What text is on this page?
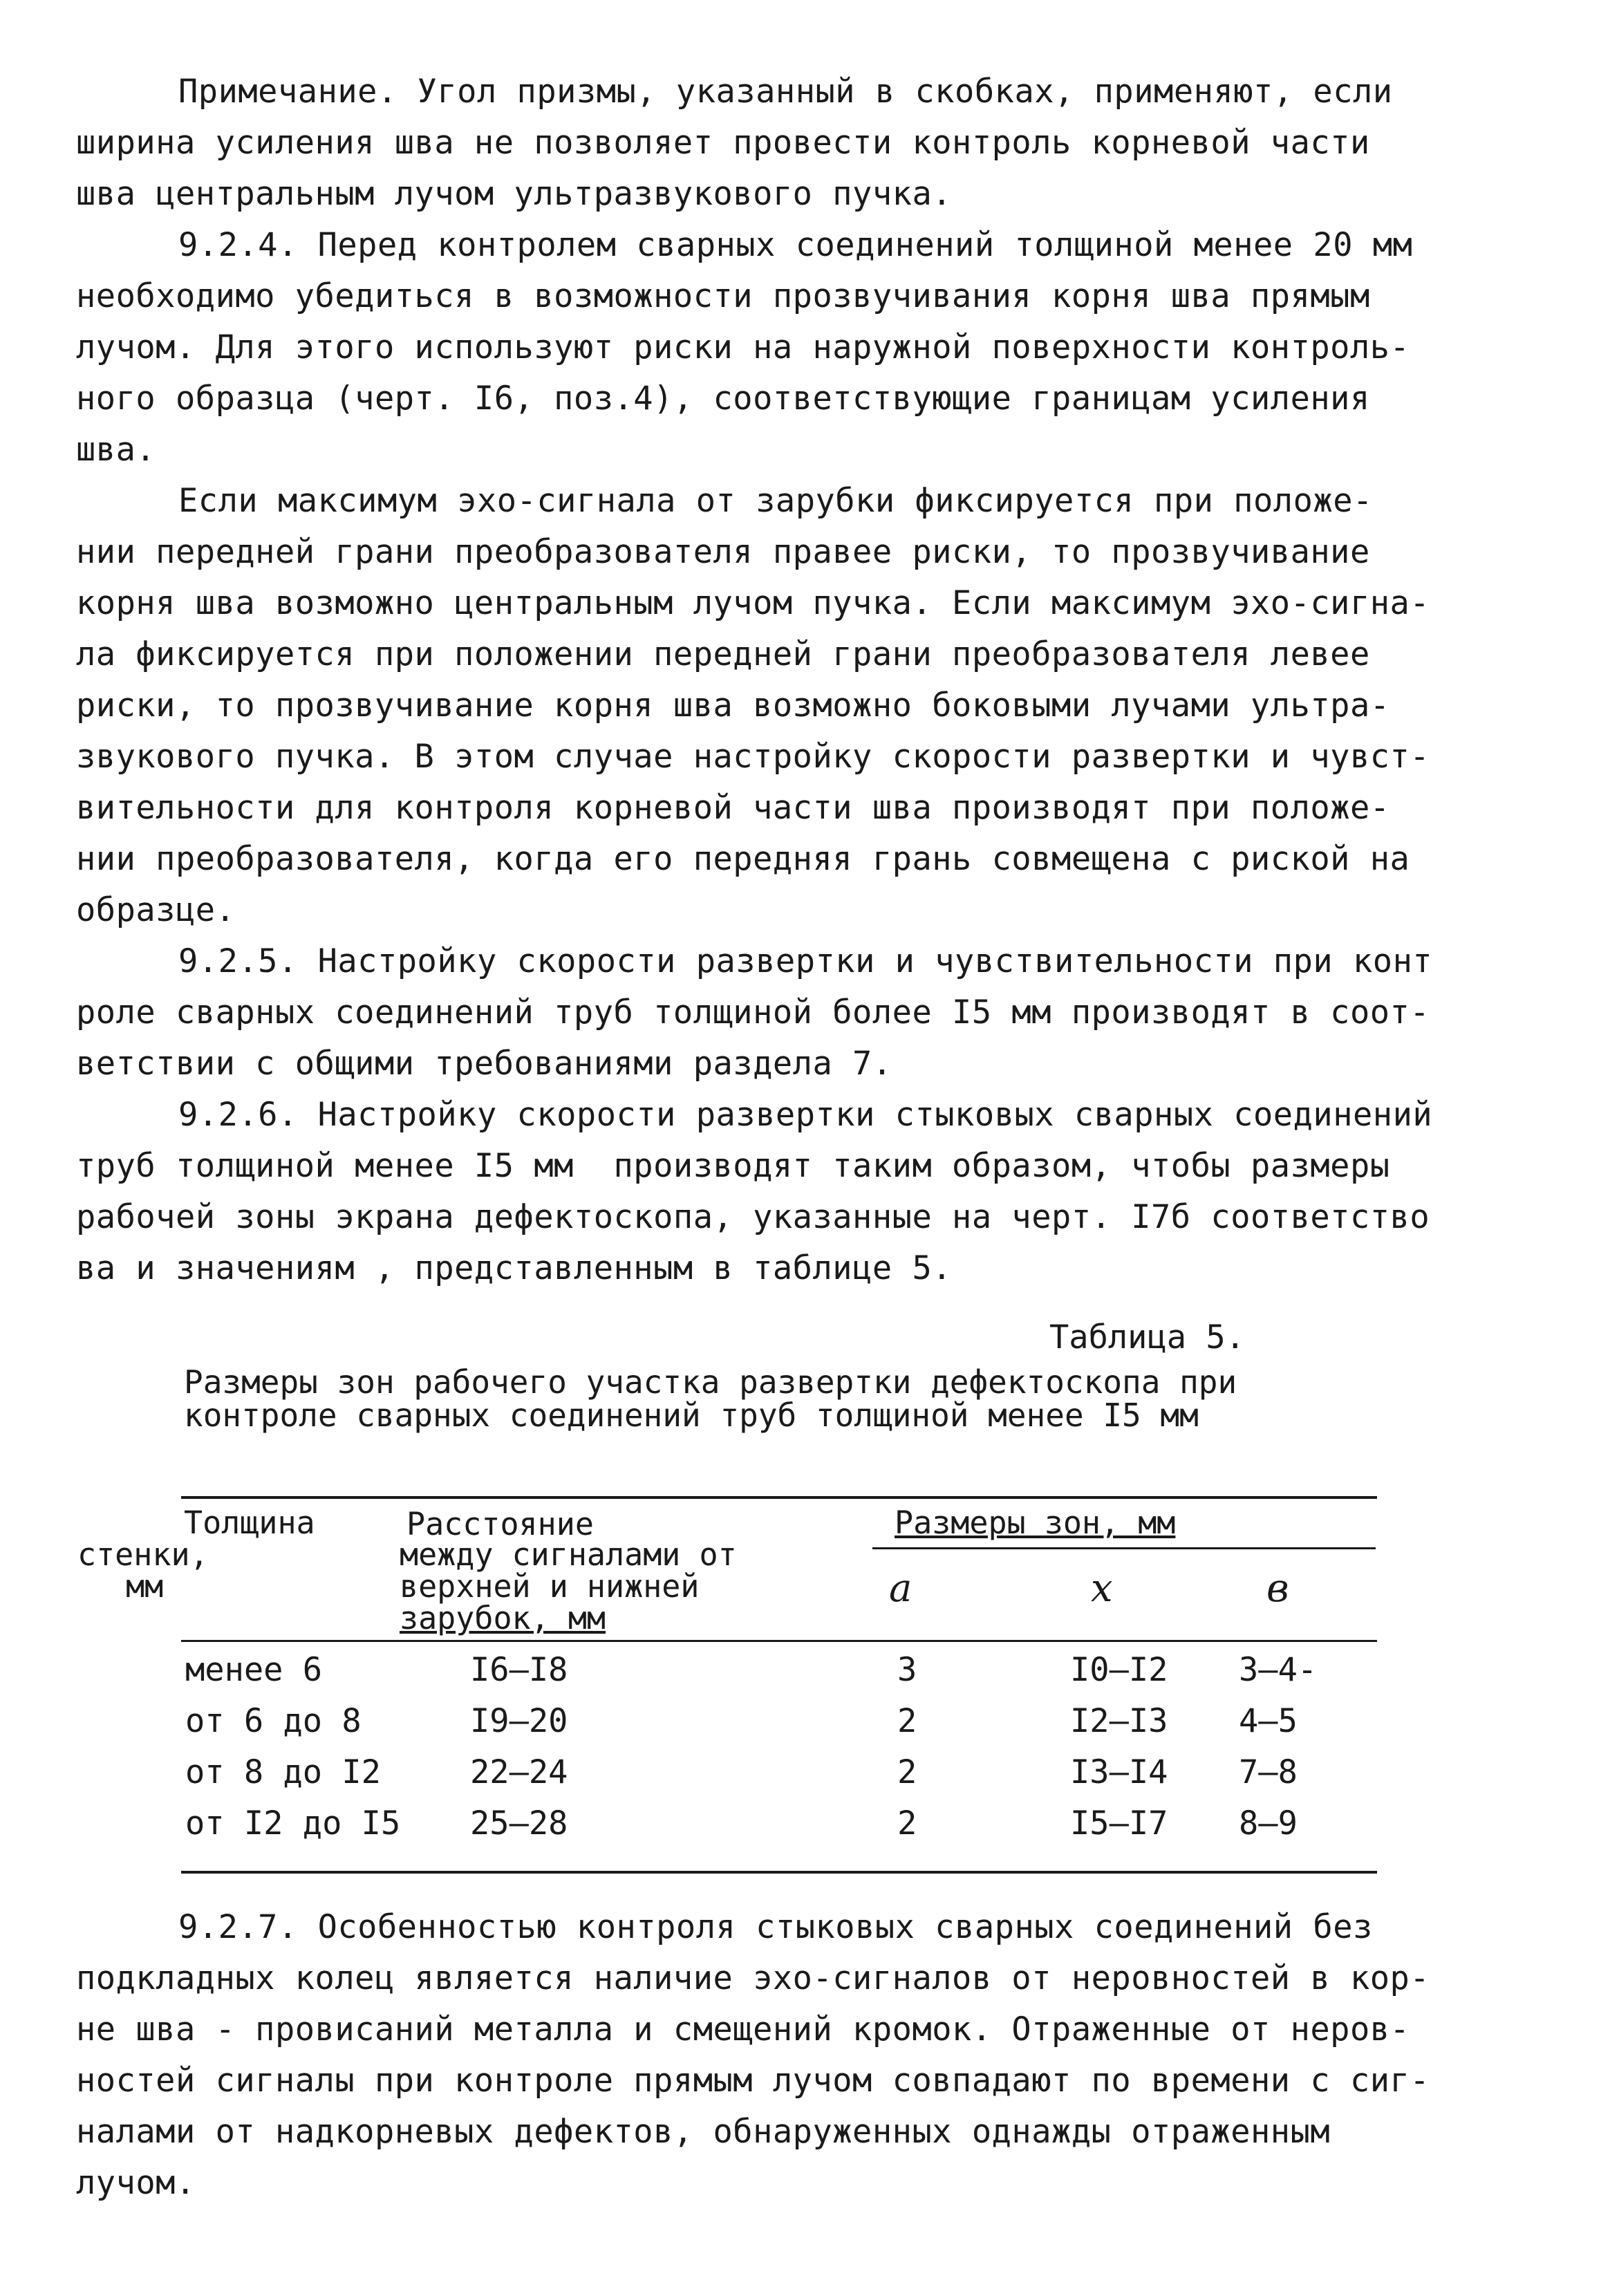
Примечание. Угол призмы, указанный в скобках, применяют, если
ширина усиления шва не позволяет провести контроль корневой части
шва центральным лучом ультразвукового пучка.
9.2.4. Перед контролем сварных соединений толщиной менее 20 мм
необходимо убедиться в возможности прозвучивания корня шва прямым
лучом. Для этого используют риски на наружной поверхности контроль-
ного образца (черт. I6, поз.4), соответствующие границам усиления
шва.
Если максимум эхо-сигнала от зарубки фиксируется при положе-
нии передней грани преобразователя правее риски, то прозвучивание
корня шва возможно центральным лучом пучка. Если максимум эхо-сигна-
ла фиксируется при положении передней грани преобразователя левее
риски, то прозвучивание корня шва возможно боковыми лучами ультра-
звукового пучка. В этом случае настройку скорости развертки и чувст-
вительности для контроля корневой части шва производят при положе-
нии преобразователя, когда его передняя грань совмещена с риской на
образце.
9.2.5. Настройку скорости развертки и чувствительности при конт
роле сварных соединений труб толщиной более I5 мм производят в соот-
ветствии с общими требованиями раздела 7.
9.2.6. Настройку скорости развертки стыковых сварных соединений
труб толщиной менее I5 мм  производят таким образом, чтобы размеры
рабочей зоны экрана дефектоскопа, указанные на черт. I7б соответство
ва и значениям , представленным в таблице 5.
Таблица 5.
Размеры зон рабочего участка развертки дефектоскопа при
контроле сварных соединений труб толщиной менее I5 мм
Толщина
стенки,
мм
Расстояние
между сигналами от
верхней и нижней
зарубок, мм
Размеры зон, мм
a	x	в
менее 6	I6–I8	3	I0–I2 3–4-
от 6 до 8	I9–20	2	I2–I3 4–5
от 8 до I2	22–24	2	I3–I4 7–8
от I2 до I5 25–28	2	I5–I7 8–9
9.2.7. Особенностью контроля стыковых сварных соединений без
подкладных колец является наличие эхо-сигналов от неровностей в кор-
не шва - провисаний металла и смещений кромок. Отраженные от неров-
ностей сигналы при контроле прямым лучом совпадают по времени с сиг-
налами от надкорневых дефектов, обнаруженных однажды отраженным
лучом.
